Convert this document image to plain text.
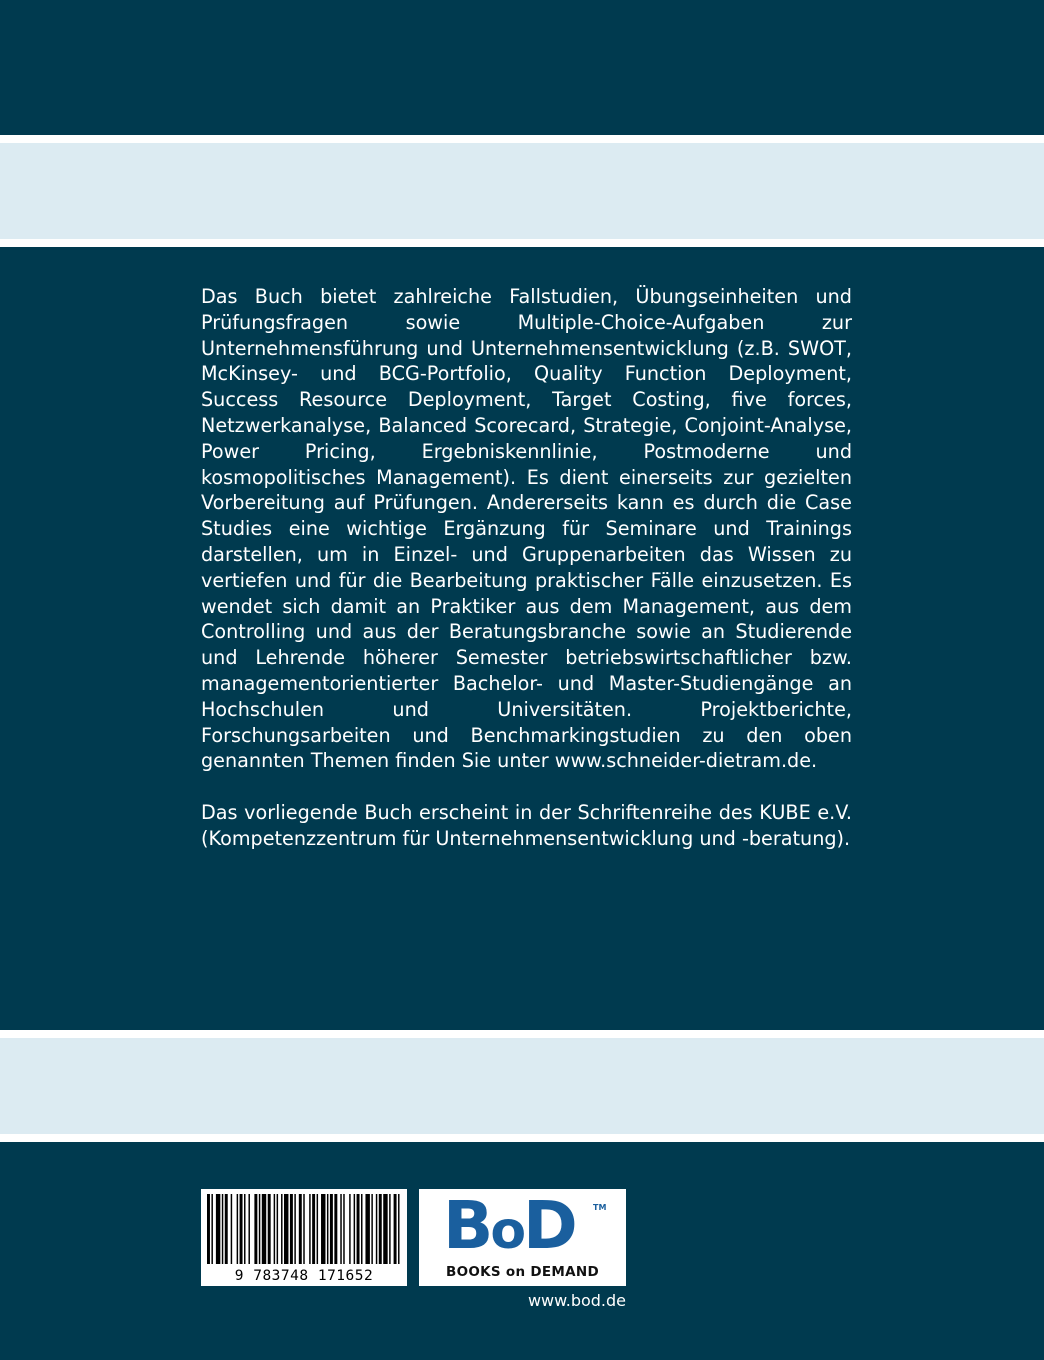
Das Buch bietet zahlreiche Fallstudien, Übungseinheiten und Prüfungsfragen sowie Multiple-Choice-Aufgaben zur Unternehmensführung und Unternehmensentwicklung (z.B. SWOT, McKinsey- und BCG-Portfolio, Quality Function Deployment, Success Resource Deployment, Target Costing, five forces, Netzwerkanalyse, Balanced Scorecard, Strategie, Conjoint-Analyse, Power Pricing, Ergebniskennlinie, Postmoderne und kosmopolitisches Management). Es dient einerseits zur gezielten Vorbereitung auf Prüfungen. Andererseits kann es durch die Case Studies eine wichtige Ergänzung für Seminare und Trainings darstellen, um in Einzel- und Gruppenarbeiten das Wissen zu vertiefen und für die Bearbeitung praktischer Fälle einzusetzen. Es wendet sich damit an Praktiker aus dem Management, aus dem Controlling und aus der Beratungsbranche sowie an Studierende und Lehrende höherer Semester betriebswirtschaftlicher bzw. managementorientierter Bachelor- und Master-Studiengänge an Hochschulen und Universitäten. Projektberichte, Forschungsarbeiten und Benchmarkingstudien zu den oben genannten Themen finden Sie unter www.schneider-dietram.de.

Das vorliegende Buch erscheint in der Schriftenreihe des KUBE e.V. (Kompetenzzentrum für Unternehmensentwicklung und -beratung).

9 783748 171652
BoD TM
BOOKS on DEMAND
www.bod.de
